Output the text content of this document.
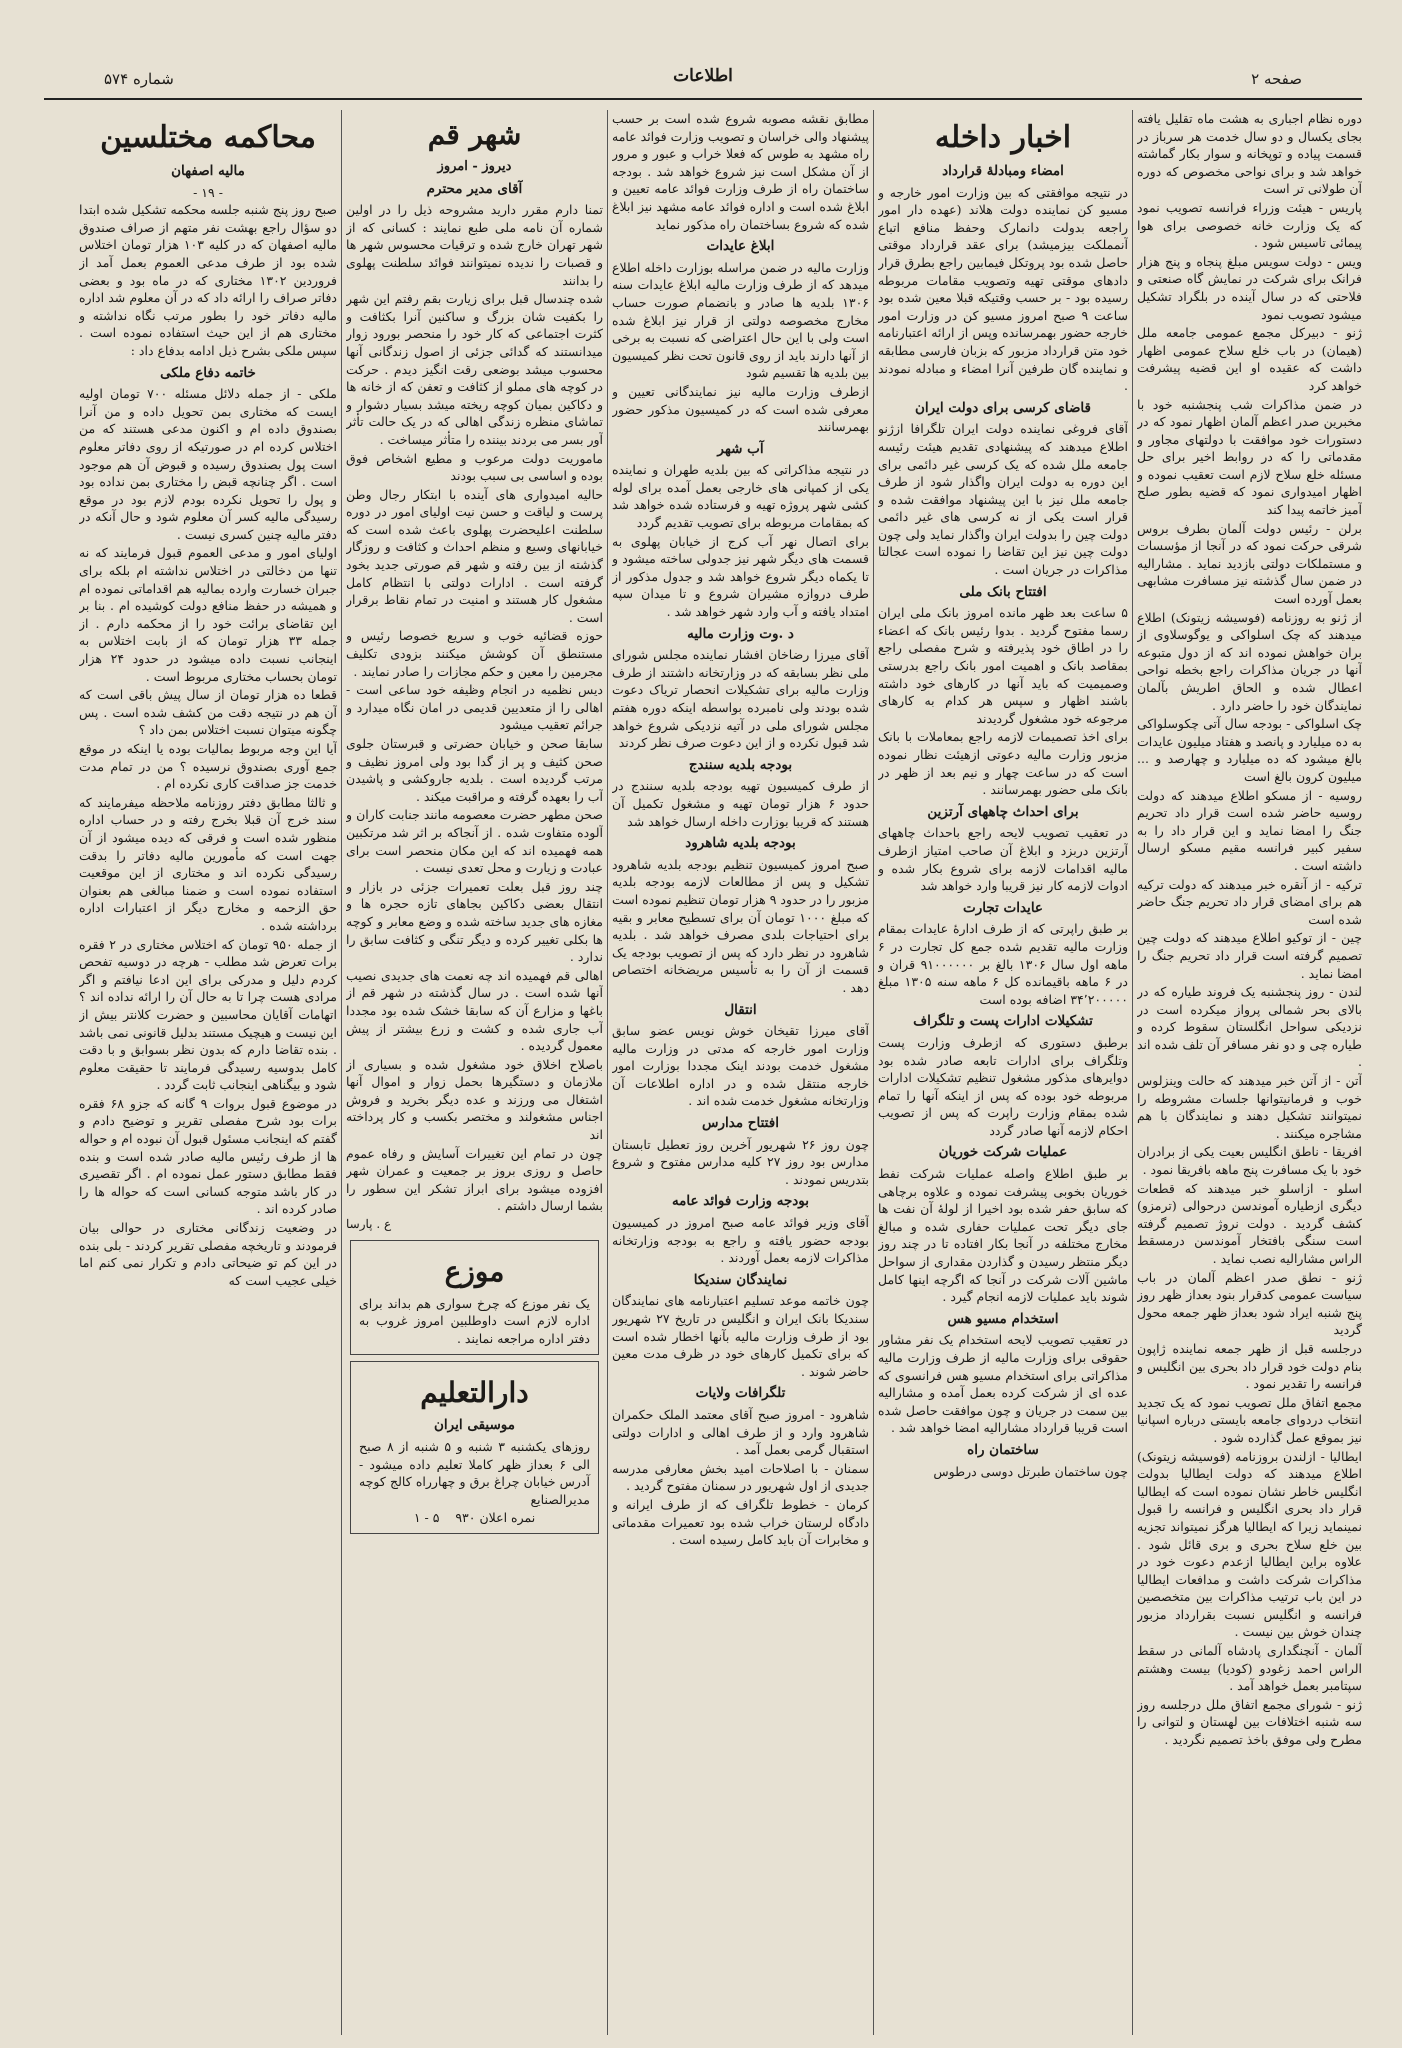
صفحه ۲
اطلاعات
شماره ۵۷۴

دوره نظام اجباری به هشت ماه تقلیل یافته بجای یکسال و دو سال خدمت هر سرباز در قسمت پیاده و توپخانه و سوار بکار گماشته خواهد شد و برای نواحی مخصوص که دوره آن طولانی تر است

پاریس - هیئت وزراء فرانسه تصویب نمود که یک وزارت خانه خصوصی برای هوا پیمائی تاسیس شود .

ویس - دولت سویس مبلغ پنجاه و پنج هزار فرانک برای شرکت در نمایش گاه صنعتی و فلاحتی که در سال آینده در بلگراد تشکیل میشود تصویب نمود

ژنو - دبیرکل مجمع عمومی جامعه ملل (هیمان) در باب خلع سلاح عمومی اظهار داشت که عقیده او این قضیه پیشرفت خواهد کرد

در ضمن مذاکرات شب پنجشنبه خود با مخبرین صدر اعظم آلمان اظهار نمود که در دستورات خود موافقت با دولتهای مجاور و مقدماتی را که در روابط اخیر برای حل مسئله خلع سلاح لازم است تعقیب نموده و اظهار امیدواری نمود که قضیه بطور صلح آمیز خاتمه پیدا کند

برلن - رئیس دولت آلمان بطرف بروس شرقی حرکت نمود که در آنجا از مؤسسات و مستملکات دولتی بازدید نماید . مشارالیه در ضمن سال گذشته نیز مسافرت مشابهی بعمل آورده است

از ژنو به روزنامه (فوسیشه زیتونک) اطلاع میدهند که چک اسلواکی و یوگوسلاوی از بران خواهش نموده اند که از دول متبوعه آنها در جریان مذاکرات راجع بخطه نواحی اعطال شده و الحاق اطریش بآلمان نمایندگان خود را حاضر دارد .

چک اسلواکی - بودجه سال آتی چکوسلواکی به ده میلیارد و پانصد و هفتاد میلیون عایدات بالغ میشود که ده میلیارد و چهارصد و ... میلیون کرون بالغ است

روسیه - از مسکو اطلاع میدهند که دولت روسیه حاضر شده است قرار داد تحریم جنگ را امضا نماید و این قرار داد را به سفیر کبیر فرانسه مقیم مسکو ارسال داشته است .

ترکیه - از آنقره خبر میدهند که دولت ترکیه هم برای امضای قرار داد تحریم جنگ حاضر شده است

چین - از توکیو اطلاع میدهند که دولت چین تصمیم گرفته است قرار داد تحریم جنگ را امضا نماید .

لندن - روز پنجشنبه یک فروند طیاره که در بالای بحر شمالی پرواز میکرده است در نزدیکی سواحل انگلستان سقوط کرده و طیاره چی و دو نفر مسافر آن تلف شده اند .

آتن - از آتن خبر میدهند که حالت وینزلوس خوب و فرمانیتوانها جلسات مشروطه را نمیتوانند تشکیل دهند و نمایندگان با هم مشاجره میکنند .

افریقا - ناطق انگلیس بعیت یکی از برادران خود با یک مسافرت پنج ماهه بافریقا نمود .

اسلو - ازاسلو خبر میدهند که قطعات دیگری ازطیاره آموندسن درحوالی (ترمزو) کشف گردید . دولت نروژ تصمیم گرفته است سنگی بافتخار آموندسن درمسقط الراس مشارالیه نصب نماید .

ژنو - نطق صدر اعظم آلمان در باب سیاست عمومی کدقرار بنود بعداز ظهر روز پنج شنبه ایراد شود بعداز ظهر جمعه محول گردید

درجلسه قبل از ظهر جمعه نماینده ژاپون بنام دولت خود قرار داد بحری بین انگلیس و فرانسه را تقدیر نمود .

مجمع اتفاق ملل تصویب نمود که یک تجدید انتخاب دردوای جامعه بایستی درباره اسپانیا نیز بموقع عمل گذارده شود .

ایطالیا - ازلندن بروزنامه (فوسیشه زیتونک) اطلاع میدهند که دولت ایطالیا بدولت انگلیس خاطر نشان نموده است که ایطالیا قرار داد بحری انگلیس و فرانسه را قبول نمینماید زیرا که ایطالیا هرگز نمیتواند تجزیه بین خلع سلاح بحری و بری قائل شود . علاوه براین ایطالیا ازعدم دعوت خود در مذاکرات شرکت داشت و مدافعات ایطالیا در این باب ترتیب مذاکرات بین متخصصین فرانسه و انگلیس نسبت بقرارداد مزبور چندان خوش بین نیست .

آلمان - آنچنگداری پادشاه آلمانی در سقط الراس احمد زغودو (کودیا) بیست وهشتم سپتامبر بعمل خواهد آمد .

ژنو - شورای مجمع اتفاق ملل درجلسه روز سه شنبه اختلافات بین لهستان و لتوانی را مطرح ولی موفق باخذ تصمیم نگردید .

اخبار داخله
امضاء ومبادلۀ قرارداد

در نتیجه موافقتی که بین وزارت امور خارجه و مسیو کن نماینده دولت هلاند (عهده دار امور راجعه بدولت دانمارک وحفظ منافع اتباع آنمملکت بیزمیشد) برای عقد قرارداد موقتی حاصل شده بود پروتکل فیمابین راجع بطرق قرار دادهای موقتی تهیه وتصویب مقامات مربوطه رسیده بود - بر حسب وقتیکه قبلا معین شده بود ساعت ۹ صبح امروز مسیو کن در وزارت امور خارجه حضور بهمرسانده وپس از ارائه اعتبارنامه خود متن قرارداد مزبور که بزبان فارسی مطابقه و نماینده گان طرفین آنرا امضاء و مبادله نمودند .

قاضای کرسی برای دولت ایران

آقای فروغی نماینده دولت ایران تلگرافا ازژنو اطلاع میدهند که پیشنهادی تقدیم هیئت رئیسه جامعه ملل شده که یک کرسی غیر دائمی برای این دوره به دولت ایران واگذار شود از طرف جامعه ملل نیز با این پیشنهاد موافقت شده و قرار است یکی از نه کرسی های غیر دائمی دولت چین را بدولت ایران واگذار نماید ولی چون دولت چین نیز این تقاضا را نموده است عجالتا مذاکرات در جریان است .

افتتاح بانک ملی

۵ ساعت بعد ظهر مانده امروز بانک ملی ایران رسما مفتوح گردید . بدوا رئیس بانک که اعضاء را در اطاق خود پذیرفته و شرح مفصلی راجع بمقاصد بانک و اهمیت امور بانک راجع بدرستی وصمیمیت که باید آنها در کارهای خود داشته باشند اظهار و سپس هر کدام به کارهای مرجوعه خود مشغول گردیدند

برای اخذ تصمیمات لازمه راجع بمعاملات با بانک مزبور وزارت مالیه دعوتی ازهیئت نظار نموده است که در ساعت چهار و نیم بعد از ظهر در بانک ملی حضور بهمرسانند .

برای احداث چاههای آرتزین

در تعقیب تصویب لایحه راجع باحداث چاههای آرتزین دربزد و ابلاغ آن صاحب امتیاز ازطرف مالیه اقدامات لازمه برای شروع بکار شده و ادوات لازمه کار نیز قریبا وارد خواهد شد

عایدات تجارت

بر طبق راپرتی که از طرف ادارۀ عایدات بمقام وزارت مالیه تقدیم شده جمع کل تجارت در ۶ ماهه اول سال ۱۳۰۶ بالغ بر ۹۱۰۰۰۰۰۰ قران و در ۶ ماهه باقیمانده کل ۶ ماهه سنه ۱۳۰۵ مبلغ ۳۴٬۲۰۰۰۰۰ اضافه بوده است

تشکیلات ادارات پست و تلگراف

برطبق دستوری که ازطرف وزارت پست وتلگراف برای ادارات تابعه صادر شده بود دوایرهای مذکور مشغول تنظیم تشکیلات ادارات مربوطه خود بوده که پس از اینکه آنها را تمام شده بمقام وزارت راپرت که پس از تصویب احکام لازمه آنها صادر گردد

عملیات شرکت خوریان

بر طبق اطلاع واصله عملیات شرکت نفط خوریان بخوبی پیشرفت نموده و علاوه برچاهی که سابق حفر شده بود اخیرا از لولۀ آن نفت ها جای دیگر تحت عملیات حفاری شده و مبالغ مخارج مختلفه در آنجا بکار افتاده تا در چند روز دیگر منتظر رسیدن و گذاردن مقداری از سواحل ماشین آلات شرکت در آنجا که اگرچه اینها کامل شوند باید عملیات لازمه انجام گیرد .

استخدام مسیو هس

در تعقیب تصویب لایحه استخدام یک نفر مشاور حقوقی برای وزارت مالیه از طرف وزارت مالیه مذاکراتی برای استخدام مسیو هس فرانسوی که عده ای از شرکت کرده بعمل آمده و مشارالیه بین سمت در جریان و چون موافقت حاصل شده است قریبا قرارداد مشارالیه امضا خواهد شد .

ساختمان راه

چون ساختمان طبرتل دوسی درطوس

مطابق نقشه مصوبه شروع شده است بر حسب پیشنهاد والی خراسان و تصویب وزارت فوائد عامه راه مشهد به طوس که فعلا خراب و عبور و مرور از آن مشکل است نیز شروع خواهد شد . بودجه ساختمان راه از طرف وزارت فوائد عامه تعیین و ابلاغ شده است و اداره فوائد عامه مشهد نیز ابلاغ شده که شروع بساختمان راه مذکور نماید

ابلاغ عایدات

وزارت مالیه در ضمن مراسله بوزارت داخله اطلاع میدهد که از طرف وزارت مالیه ابلاغ عایدات سنه ۱۳۰۶ بلدیه ها صادر و بانضمام صورت حساب مخارج مخصوصه دولتی از قرار نیز ابلاغ شده است ولی با این حال اعتراضی که نسبت به برخی از آنها دارند باید از روی قانون تحت نظر کمیسیون بین بلدیه ها تقسیم شود

ازطرف وزارت مالیه نیز نمایندگانی تعیین و معرفی شده است که در کمیسیون مذکور حضور بهمرسانند

آب شهر

در نتیجه مذاکراتی که بین بلدیه طهران و نماینده یکی از کمپانی های خارجی بعمل آمده برای لوله کشی شهر پروژه تهیه و فرستاده شده خواهد شد که بمقامات مربوطه برای تصویب تقدیم گردد

برای اتصال نهر آب کرج از خیابان پهلوی به قسمت های دیگر شهر نیز جدولی ساخته میشود و تا یکماه دیگر شروع خواهد شد و جدول مذکور از طرف دروازه مشیران شروع و تا میدان سپه امتداد یافته و آب وارد شهر خواهد شد .

د .وت وزارت مالیه

آقای میرزا رضاخان افشار نماینده مجلس شورای ملی نظر بسابقه که در وزارتخانه داشتند از طرف وزارت مالیه برای تشکیلات انحصار تریاک دعوت شده بودند ولی نامبرده بواسطه اینکه دوره هفتم مجلس شورای ملی در آتیه نزدیکی شروع خواهد شد قبول نکرده و از این دعوت صرف نظر کردند

بودجه بلدیه سنندج

از طرف کمیسیون تهیه بودجه بلدیه سنندج در حدود ۶ هزار تومان تهیه و مشغول تکمیل آن هستند که قریبا بوزارت داخله ارسال خواهد شد

بودجه بلدیه شاهرود

صبح امروز کمیسیون تنظیم بودجه بلدیه شاهرود تشکیل و پس از مطالعات لازمه بودجه بلدیه مزبور را در حدود ۹ هزار تومان تنظیم نموده است که مبلغ ۱۰۰۰ تومان آن برای تسطیح معابر و بقیه برای احتیاجات بلدی مصرف خواهد شد . بلدیه شاهرود در نظر دارد که پس از تصویب بودجه یک قسمت از آن را به تأسیس مریضخانه اختصاص دهد .

انتقال

آقای میرزا تقیخان خوش نویس عضو سابق وزارت امور خارجه که مدتی در وزارت مالیه مشغول خدمت بودند اینک مجددا بوزارت امور خارجه منتقل شده و در اداره اطلاعات آن وزارتخانه مشغول خدمت شده اند .

افتتاح مدارس

چون روز ۲۶ شهریور آخرین روز تعطیل تابستان مدارس بود روز ۲۷ کلیه مدارس مفتوح و شروع بتدریس نمودند .

بودجه وزارت فوائد عامه

آقای وزیر فوائد عامه صبح امروز در کمیسیون بودجه حضور یافته و راجع به بودجه وزارتخانه مذاکرات لازمه بعمل آوردند .

نمایندگان سندیکا

چون خاتمه موعد تسلیم اعتبارنامه های نمایندگان سندیکا بانک ایران و انگلیس در تاریخ ۲۷ شهریور بود از طرف وزارت مالیه بآنها اخطار شده است که برای تکمیل کارهای خود در ظرف مدت معین حاضر شوند .

تلگرافات ولایات

شاهرود - امروز صبح آقای معتمد الملک حکمران شاهرود وارد و از طرف اهالی و ادارات دولتی استقبال گرمی بعمل آمد .

سمنان - با اصلاحات امید بخش معارفی مدرسه جدیدی از اول شهریور در سمنان مفتوح گردید .

کرمان - خطوط تلگراف که از طرف ایرانه و دادگاه لرستان خراب شده بود تعمیرات مقدماتی و مخابرات آن باید کامل رسیده است .

شهر قم
دیروز - امروز
آقای مدیر محترم

تمنا دارم مقرر دارید مشروحه ذیل را در اولین شماره آن نامه ملی طبع نمایند : کسانی که از شهر تهران خارج شده و ترقیات محسوس شهر ها و قصبات را ندیده نمیتوانند فوائد سلطنت پهلوی را بدانند

شده چندسال قبل برای زیارت بقم رفتم این شهر را بکفیت شان بزرگ و ساکنین آنرا بکثافت و کثرت اجتماعی که کار خود را منحصر بورود زوار میدانستند که گدائی جزئی از اصول زندگانی آنها محسوب میشد بوضعی رقت انگیز دیدم . حرکت در کوچه های مملو از کثافت و تعفن که از خانه ها و دکاکین بمیان کوچه ریخته میشد بسیار دشوار و تماشای منظره زندگی اهالی که در یک حالت تأثر آور بسر می بردند بیننده را متأثر میساخت .

ماموریت دولت مرعوب و مطیع اشخاص فوق بوده و اساسی بی سبب بودند

حالیه امیدواری های آینده با ابتکار رجال وطن پرست و لیاقت و حسن نیت اولیای امور در دوره سلطنت اعلیحضرت پهلوی باعث شده است که خیابانهای وسیع و منظم احداث و کثافت و روزگار گذشته از بین رفته و شهر قم صورتی جدید بخود گرفته است . ادارات دولتی با انتظام کامل مشغول کار هستند و امنیت در تمام نقاط برقرار است .

حوزه قضائیه خوب و سریع خصوصا رئیس و مستنطق آن کوشش میکنند بزودی تکلیف مجرمین را معین و حکم مجازات را صادر نمایند .

دیس نظمیه در انجام وظیفه خود ساعی است - اهالی را از متعدیین قدیمی در امان نگاه میدارد و جرائم تعقیب میشود

سابقا صحن و خیابان حضرتی و قبرستان جلوی صحن کثیف و پر از گدا بود ولی امروز نظیف و مرتب گردیده است . بلدیه جاروکشی و پاشیدن آب را بعهده گرفته و مراقبت میکند .

صحن مطهر حضرت معصومه مانند جنابت کاران و آلوده متفاوت شده . از آنجاکه بر اثر شد مرتکبین همه فهمیده اند که این مکان منحصر است برای عبادت و زیارت و محل تعدی نیست .

چند روز قبل بعلت تعمیرات جزئی در بازار و انتقال بعضی دکاکین بجاهای تازه حجره ها و مغازه های جدید ساخته شده و وضع معابر و کوچه ها بکلی تغییر کرده و دیگر تنگی و کثافت سابق را ندارد .

اهالی قم فهمیده اند چه نعمت های جدیدی نصیب آنها شده است . در سال گذشته در شهر قم از باغها و مزارع آن که سابقا خشک شده بود مجددا آب جاری شده و کشت و زرع بیشتر از پیش معمول گردیده .

باصلاح اخلاق خود مشغول شده و بسیاری از ملازمان و دستگیرها بحمل زوار و اموال آنها اشتغال می ورزند و عده دیگر بخرید و فروش اجناس مشغولند و مختصر بکسب و کار پرداخته اند

چون در تمام این تغییرات آسایش و رفاه عموم حاصل و روزی بروز بر جمعیت و عمران شهر افزوده میشود برای ابراز تشکر این سطور را بشما ارسال داشتم .

ع . پارسا
موزع

یک نفر موزع که چرخ سواری هم بداند برای اداره لازم است داوطلبین امروز غروب به دفتر اداره مراجعه نمایند .

دارالتعلیم
موسیقی ایران

روزهای یکشنبه ۳ شنبه و ۵ شنبه از ۸ صبح الی ۶ بعداز ظهر کاملا تعلیم داده میشود - آدرس خیابان چراغ برق و چهارراه کالج کوچه مدیرالصنایع

نمره اعلان ۹۳۰    ۵ - ۱
محاکمه مختلسین
مالیه اصفهان
- ۱۹ -

صبح روز پنج شنبه جلسه محکمه تشکیل شده ابتدا دو سؤال راجع بهشت نفر متهم از صراف صندوق مالیه اصفهان که در کلیه ۱۰۳ هزار تومان اختلاس شده بود از طرف مدعی العموم بعمل آمد از فروردین ۱۳۰۲ مختاری که در ماه بود و بعضی دفاتر صراف را ارائه داد که در آن معلوم شد اداره مالیه دفاتر خود را بطور مرتب نگاه نداشته و مختاری هم از این حیث استفاده نموده است . سپس ملکی بشرح ذیل ادامه بدفاع داد :

خاتمه دفاع ملکی

ملکی - از جمله دلائل مسئله ۷۰۰ تومان اولیه ایست که مختاری بمن تحویل داده و من آنرا بصندوق داده ام و اکنون مدعی هستند که من اختلاس کرده ام در صورتیکه از روی دفاتر معلوم است پول بصندوق رسیده و قبوض آن هم موجود است . اگر چنانچه قبض را مختاری بمن نداده بود و پول را تحویل نکرده بودم لازم بود در موقع رسیدگی مالیه کسر آن معلوم شود و حال آنکه در دفتر مالیه چنین کسری نیست .

اولیای امور و مدعی العموم قبول فرمایند که نه تنها من دخالتی در اختلاس نداشته ام بلکه برای جبران خسارت وارده بمالیه هم اقداماتی نموده ام و همیشه در حفظ منافع دولت کوشیده ام . بنا بر این تقاضای برائت خود را از محکمه دارم . از جمله ۳۳ هزار تومان که از بابت اختلاس به اینجانب نسبت داده میشود در حدود ۲۴ هزار تومان بحساب مختاری مربوط است .

قطعا ده هزار تومان از سال پیش باقی است که آن هم در نتیجه دقت من کشف شده است . پس چگونه میتوان نسبت اختلاس بمن داد ؟

آیا این وجه مربوط بمالیات بوده یا اینکه در موقع جمع آوری بصندوق نرسیده ؟ من در تمام مدت خدمت جز صداقت کاری نکرده ام .

و ثالثا مطابق دفتر روزنامه ملاحظه میفرمایند که سند خرج آن قبلا بخرج رفته و در حساب اداره منظور شده است و فرقی که دیده میشود از آن جهت است که مأمورین مالیه دفاتر را بدقت رسیدگی نکرده اند و مختاری از این موقعیت استفاده نموده است و ضمنا مبالغی هم بعنوان حق الزحمه و مخارج دیگر از اعتبارات اداره برداشته شده .

از جمله ۹۵۰ تومان که اختلاس مختاری در ۲ فقره برات تعرض شد مطلب - هرچه در دوسیه تفحص کردم دلیل و مدرکی برای این ادعا نیافتم و اگر مرادی هست چرا تا به حال آن را ارائه نداده اند ؟ اتهامات آقایان محاسبین و حضرت کلانتر بیش از این نیست و هیچیک مستند بدلیل قانونی نمی باشد . بنده تقاضا دارم که بدون نظر بسوابق و با دقت کامل بدوسیه رسیدگی فرمایند تا حقیقت معلوم شود و بیگناهی اینجانب ثابت گردد .

در موضوع قبول بروات ۹ گانه که جزو ۶۸ فقره برات بود شرح مفصلی تقریر و توضیح دادم و گفتم که اینجانب مسئول قبول آن نبوده ام و حواله ها از طرف رئیس مالیه صادر شده است و بنده فقط مطابق دستور عمل نموده ام . اگر تقصیری در کار باشد متوجه کسانی است که حواله ها را صادر کرده اند .

در وضعیت زندگانی مختاری در حوالی بیان فرمودند و تاریخچه مفصلی تقریر کردند - بلی بنده در این کم تو ضیحاتی دادم و تکرار نمی کنم اما خیلی عجیب است که
